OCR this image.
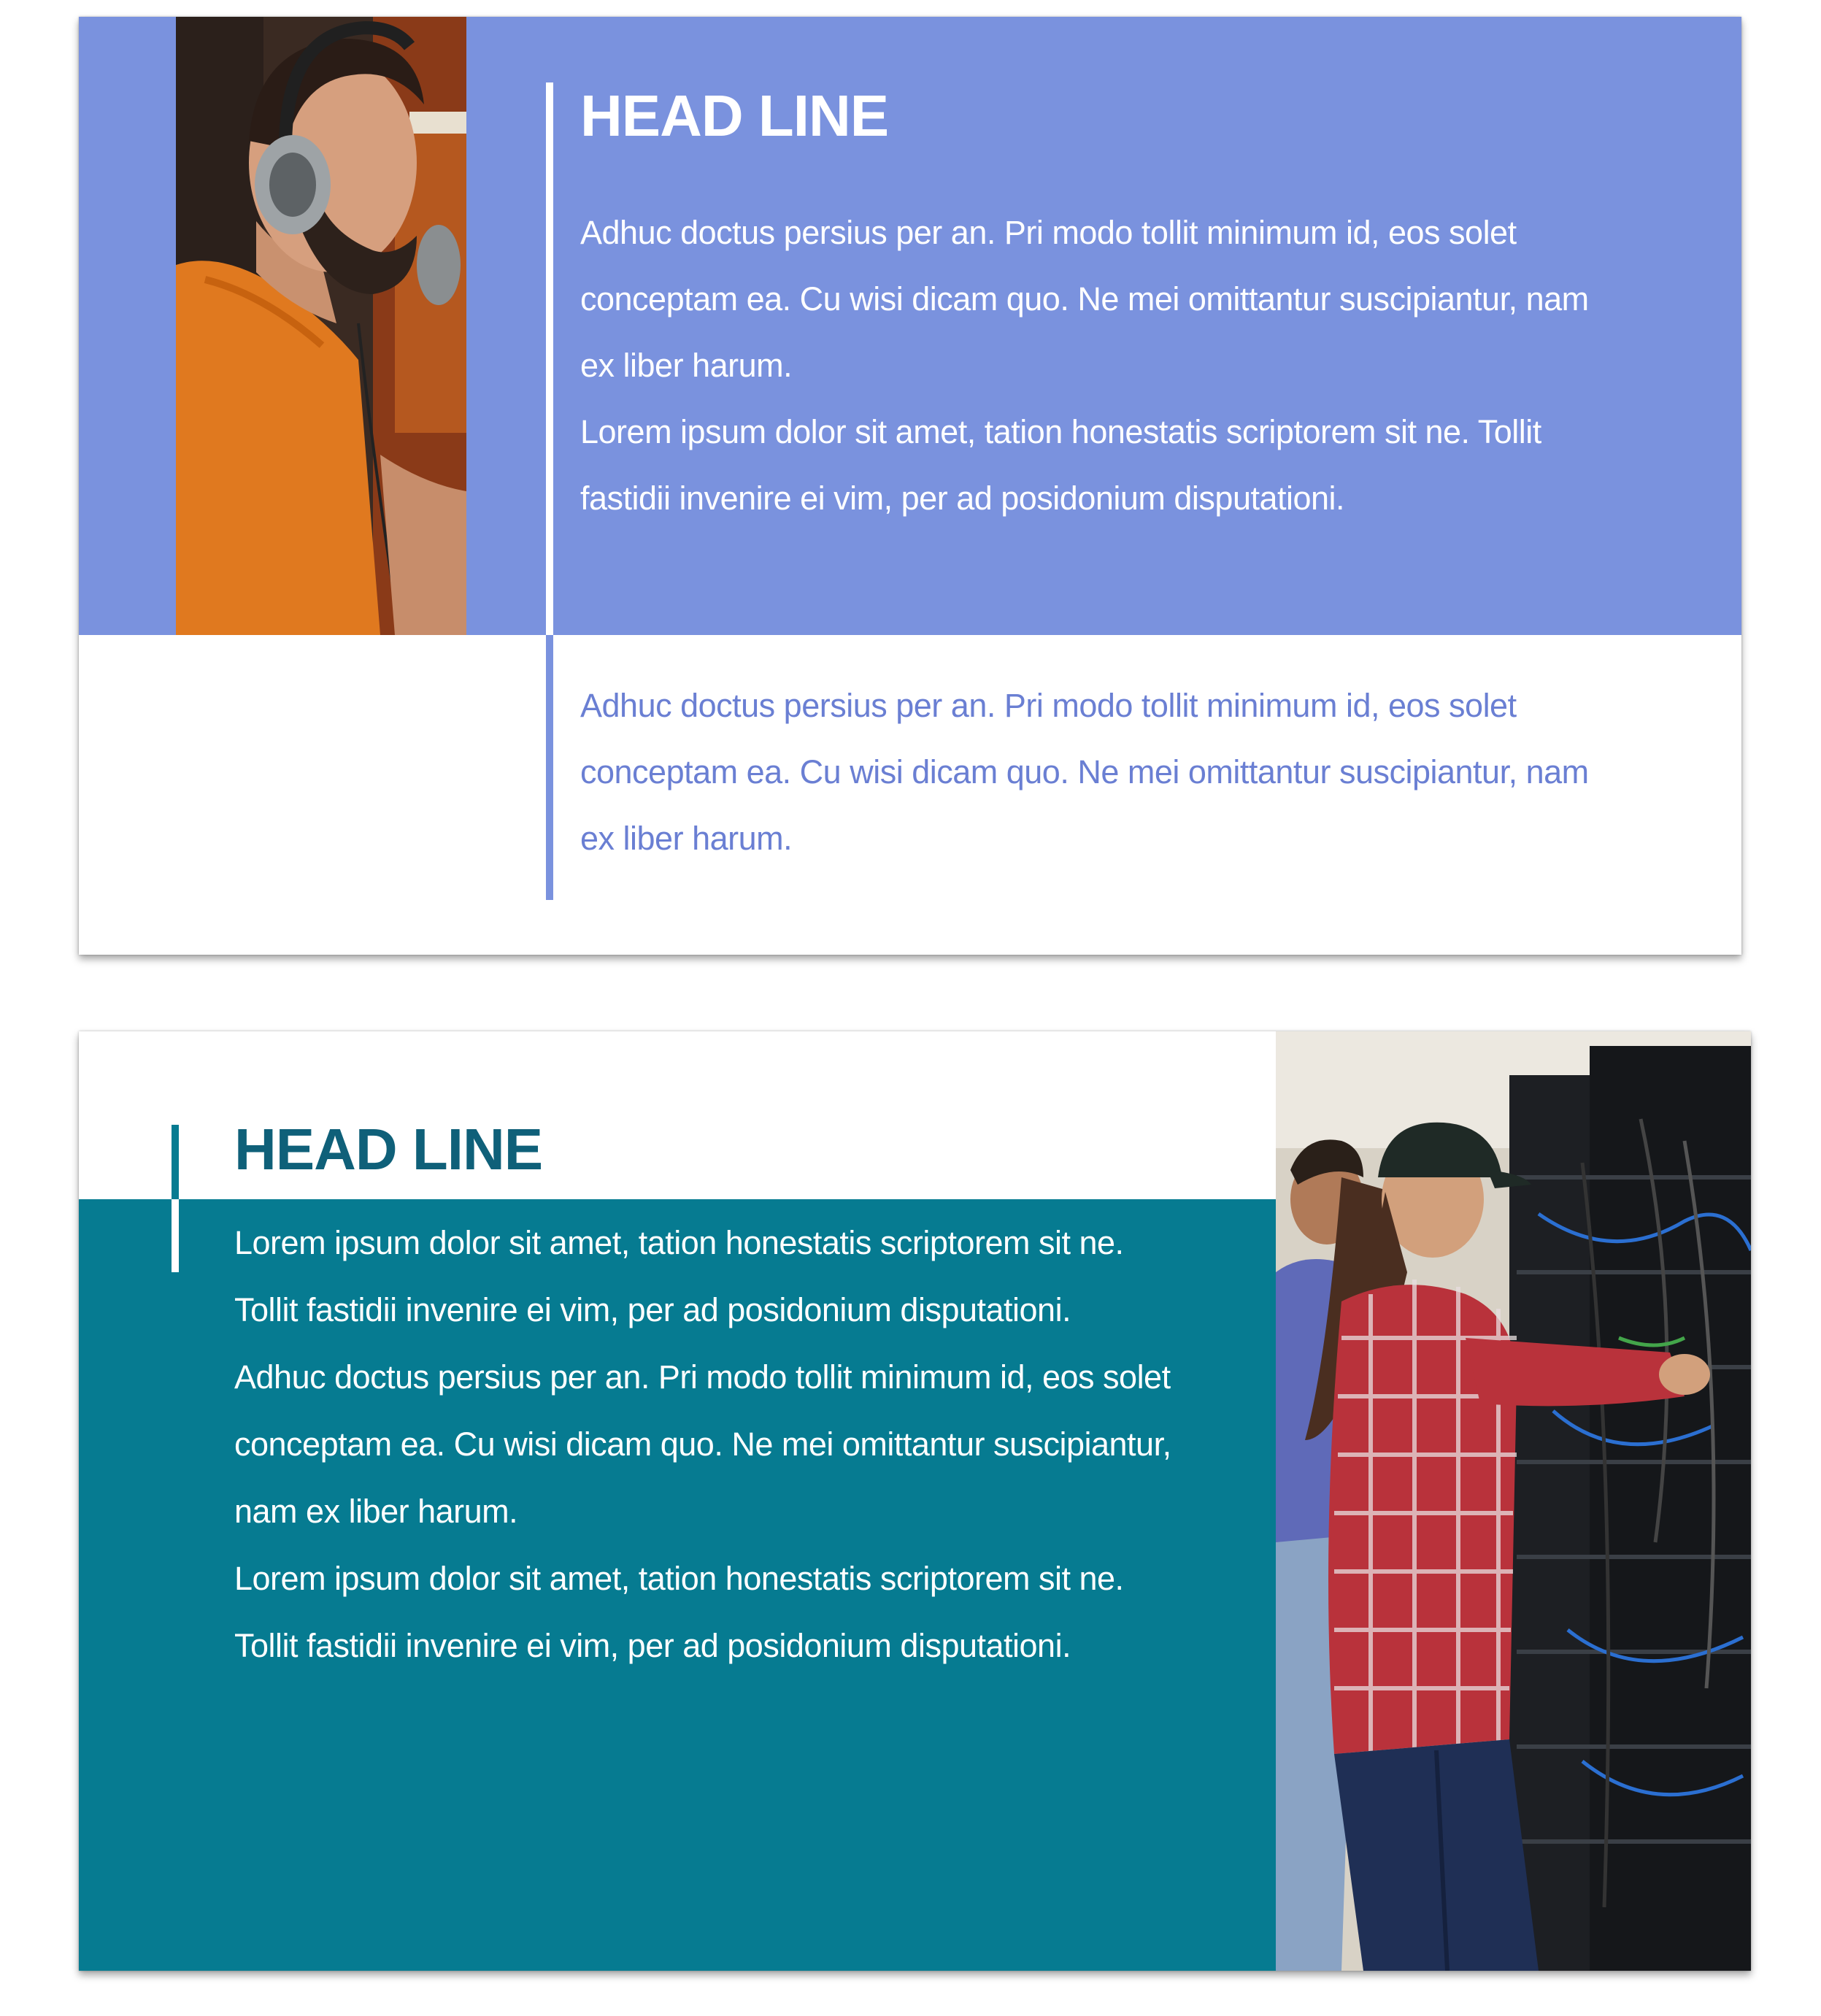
HEAD LINE

Adhuc doctus persius per an. Pri modo tollit minimum id, eos solet conceptam ea. Cu wisi dicam quo. Ne mei omittantur suscipiantur, nam ex liber harum.

Lorem ipsum dolor sit amet, tation honestatis scriptorem sit ne. Tollit fastidii invenire ei vim, per ad posidonium disputationi.

Adhuc doctus persius per an. Pri modo tollit minimum id, eos solet conceptam ea. Cu wisi dicam quo. Ne mei omittantur suscipiantur, nam ex liber harum.

HEAD LINE

Lorem ipsum dolor sit amet, tation honestatis scriptorem sit ne. Tollit fastidii invenire ei vim, per ad posidonium disputationi.

Adhuc doctus persius per an. Pri modo tollit minimum id, eos solet conceptam ea. Cu wisi dicam quo. Ne mei omittantur suscipiantur, nam ex liber harum.

Lorem ipsum dolor sit amet, tation honestatis scriptorem sit ne. Tollit fastidii invenire ei vim, per ad posidonium disputationi.
